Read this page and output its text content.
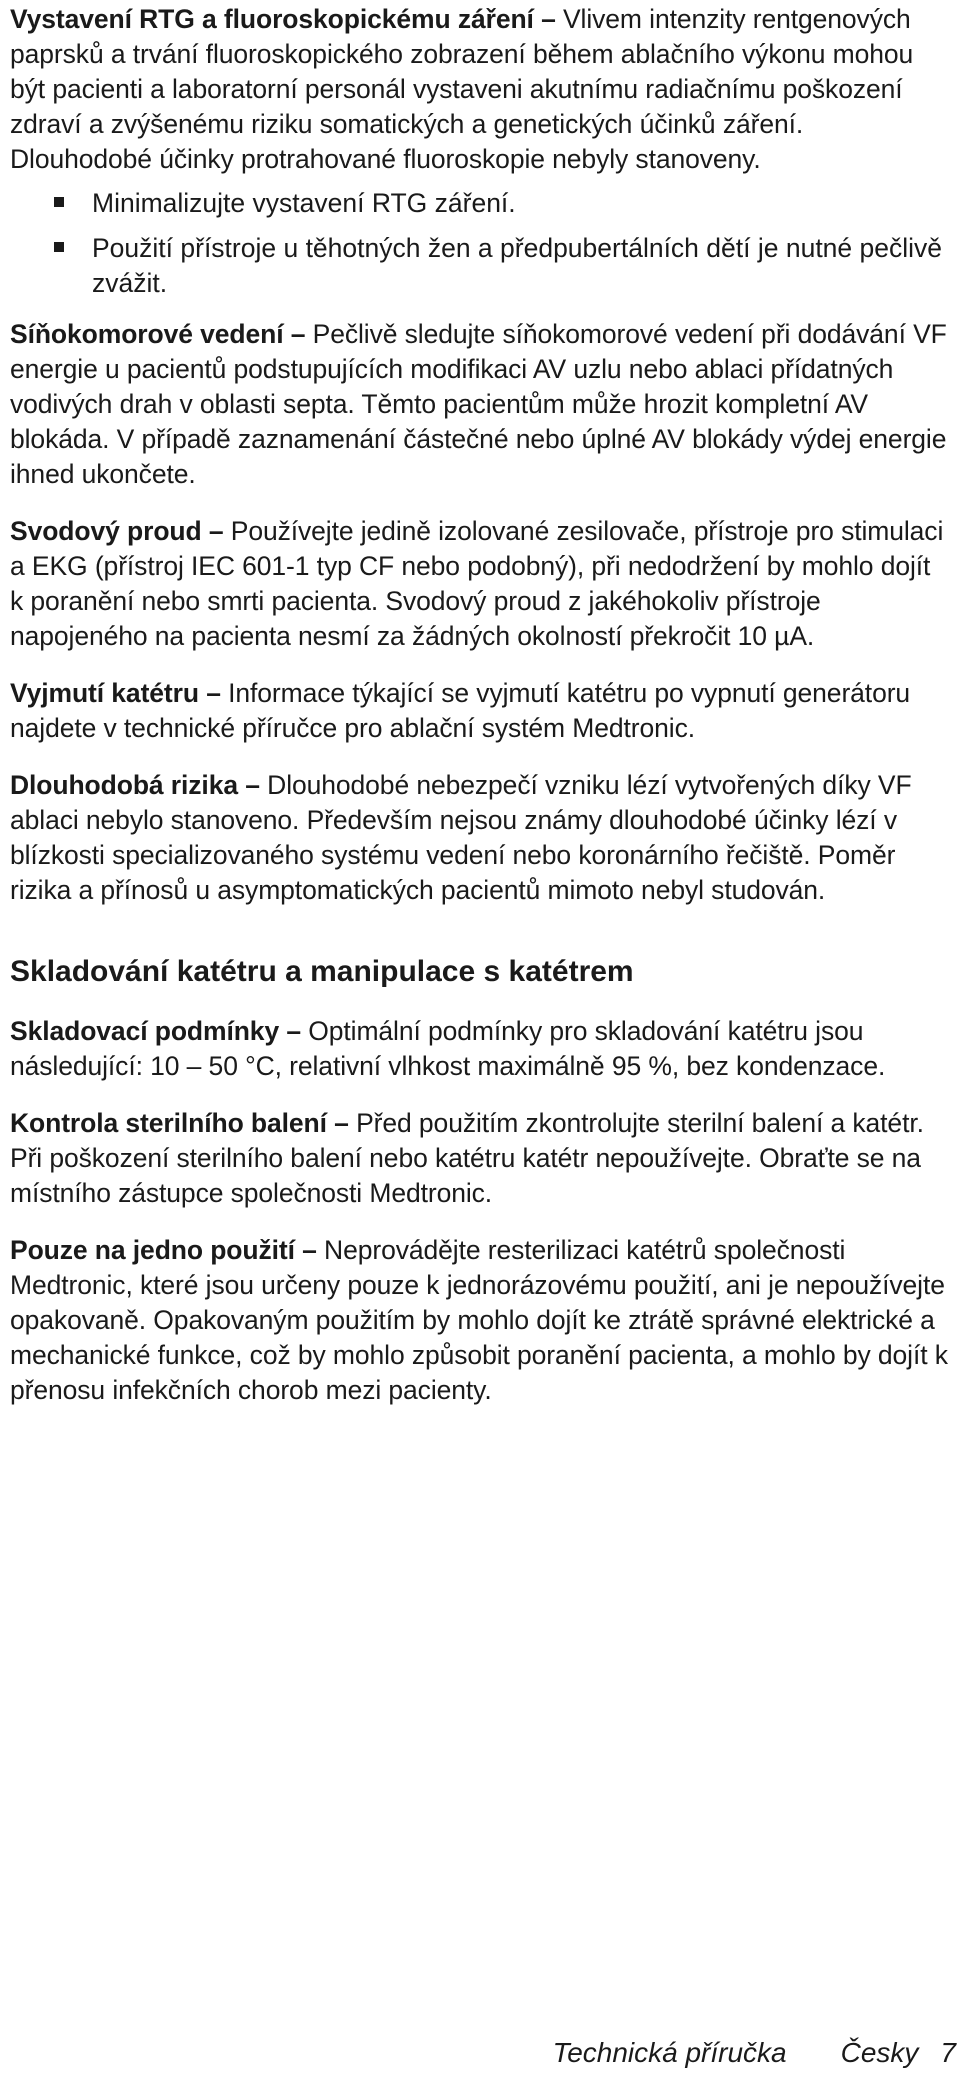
Vystavení RTG a fluoroskopickému záření – Vlivem intenzity rentgenových paprsků a trvání fluoroskopického zobrazení během ablačního výkonu mohou být pacienti a laboratorní personál vystaveni akutnímu radiačnímu poškození zdraví a zvýšenému riziku somatických a genetických účinků záření. Dlouhodobé účinky protrahované fluoroskopie nebyly stanoveny.

Minimalizujte vystavení RTG záření.
Použití přístroje u těhotných žen a předpubertálních dětí je nutné pečlivě zvážit.

Síňokomorové vedení – Pečlivě sledujte síňokomorové vedení při dodávání VF energie u pacientů podstupujících modifikaci AV uzlu nebo ablaci přídatných vodivých drah v oblasti septa. Těmto pacientům může hrozit kompletní AV blokáda. V případě zaznamenání částečné nebo úplné AV blokády výdej energie ihned ukončete.

Svodový proud – Používejte jedině izolované zesilovače, přístroje pro stimulaci a EKG (přístroj IEC 601-1 typ CF nebo podobný), při nedodržení by mohlo dojít k poranění nebo smrti pacienta. Svodový proud z jakéhokoliv přístroje napojeného na pacienta nesmí za žádných okolností překročit 10 µA.

Vyjmutí katétru – Informace týkající se vyjmutí katétru po vypnutí generátoru najdete v technické příručce pro ablační systém Medtronic.

Dlouhodobá rizika – Dlouhodobé nebezpečí vzniku lézí vytvořených díky VF ablaci nebylo stanoveno. Především nejsou známy dlouhodobé účinky lézí v blízkosti specializovaného systému vedení nebo koronárního řečiště. Poměr rizika a přínosů u asymptomatických pacientů mimoto nebyl studován.

Skladování katétru a manipulace s katétrem

Skladovací podmínky – Optimální podmínky pro skladování katétru jsou následující: 10 – 50 °C, relativní vlhkost maximálně 95 %, bez kondenzace.

Kontrola sterilního balení – Před použitím zkontrolujte sterilní balení a katétr. Při poškození sterilního balení nebo katétru katétr nepoužívejte. Obraťte se na místního zástupce společnosti Medtronic.

Pouze na jedno použití – Neprovádějte resterilizaci katétrů společnosti Medtronic, které jsou určeny pouze k jednorázovému použití, ani je nepoužívejte opakovaně. Opakovaným použitím by mohlo dojít ke ztrátě správné elektrické a mechanické funkce, což by mohlo způsobit poranění pacienta, a mohlo by dojít k přenosu infekčních chorob mezi pacienty.

Technická příručka Česky 7
